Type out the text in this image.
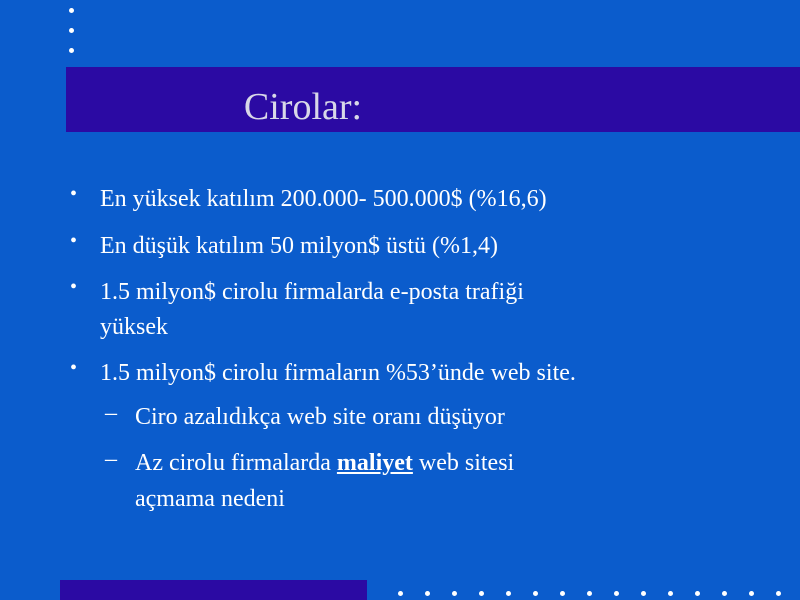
Cirolar:
• En yüksek katılım 200.000- 500.000$ (%16,6)
• En düşük katılım 50 milyon$ üstü (%1,4)
• 1.5 milyon$ cirolu firmalarda e-posta trafiği
yüksek
• 1.5 milyon$ cirolu firmaların %53’ünde web site.
– Ciro azalıdıkça web site oranı düşüyor
– Az cirolu firmalarda maliyet web sitesi
açmama nedeni
